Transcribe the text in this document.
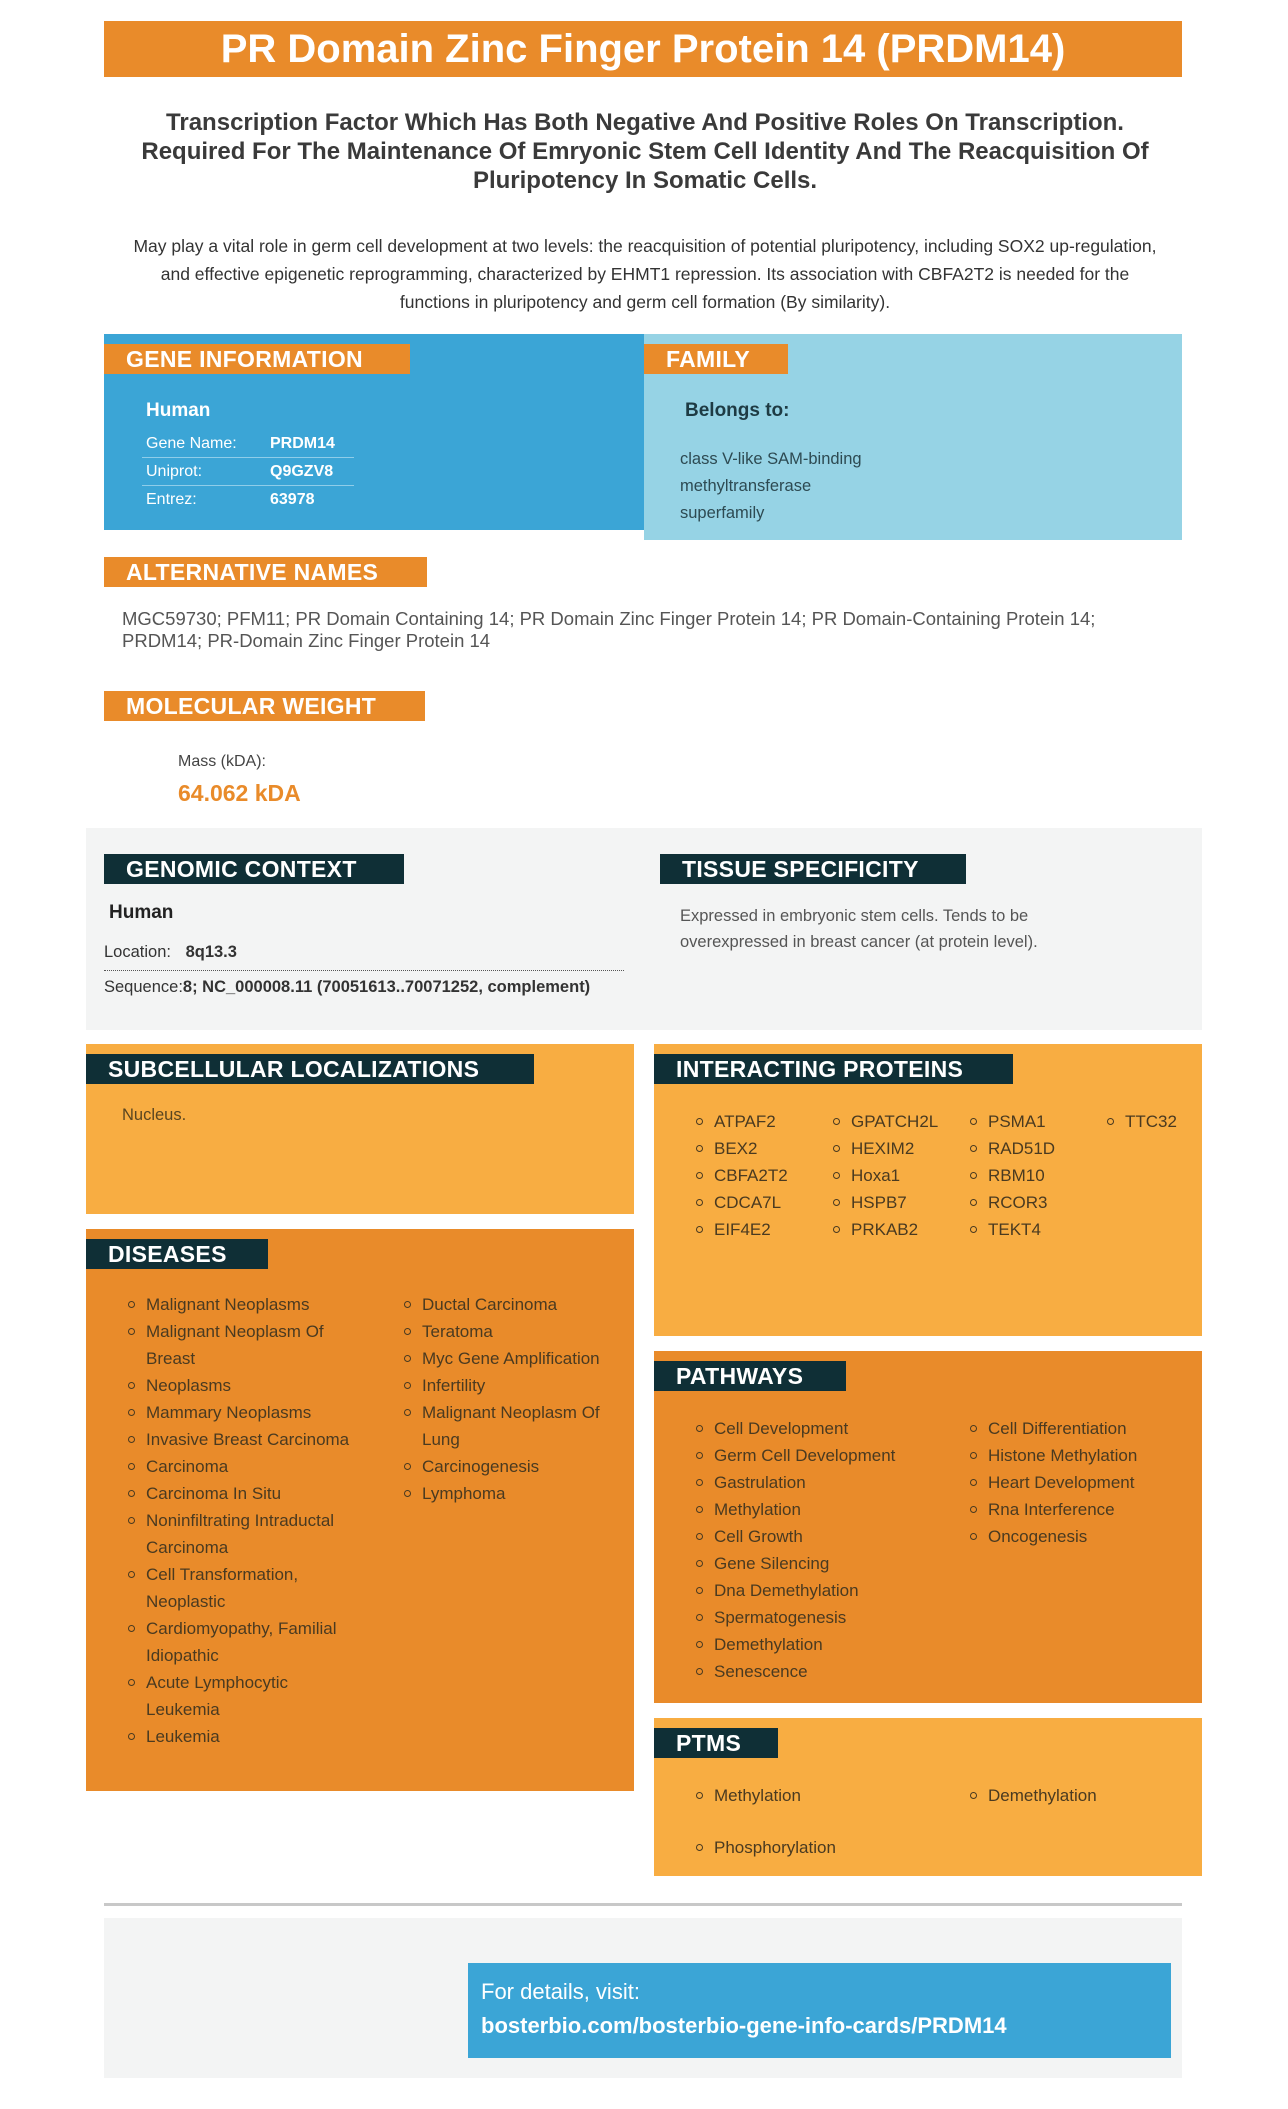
PR Domain Zinc Finger Protein 14 (PRDM14)
Transcription Factor Which Has Both Negative And Positive Roles On Transcription. Required For The Maintenance Of Emryonic Stem Cell Identity And The Reacquisition Of Pluripotency In Somatic Cells.
May play a vital role in germ cell development at two levels: the reacquisition of potential pluripotency, including SOX2 up-regulation, and effective epigenetic reprogramming, characterized by EHMT1 repression. Its association with CBFA2T2 is needed for the functions in pluripotency and germ cell formation (By similarity).
GENE INFORMATION
Human
Gene Name:	PRDM14
Uniprot:	Q9GZV8
Entrez:	63978
FAMILY
Belongs to:
class V-like SAM-binding
methyltransferase
superfamily
ALTERNATIVE NAMES
MGC59730; PFM11; PR Domain Containing 14; PR Domain Zinc Finger Protein 14; PR Domain-Containing Protein 14; PRDM14; PR-Domain Zinc Finger Protein 14
MOLECULAR WEIGHT
Mass (kDA):
64.062 kDA
GENOMIC CONTEXT
Human
Location: 8q13.3
Sequence:8; NC_000008.11 (70051613..70071252, complement)
TISSUE SPECIFICITY
Expressed in embryonic stem cells. Tends to be overexpressed in breast cancer (at protein level).
SUBCELLULAR LOCALIZATIONS
Nucleus.
DISEASES
Malignant Neoplasms
Malignant Neoplasm Of Breast
Neoplasms
Mammary Neoplasms
Invasive Breast Carcinoma
Carcinoma
Carcinoma In Situ
Noninfiltrating Intraductal Carcinoma
Cell Transformation, Neoplastic
Cardiomyopathy, Familial Idiopathic
Acute Lymphocytic Leukemia
Leukemia
Ductal Carcinoma
Teratoma
Myc Gene Amplification
Infertility
Malignant Neoplasm Of Lung
Carcinogenesis
Lymphoma
INTERACTING PROTEINS
ATPAF2
BEX2
CBFA2T2
CDCA7L
EIF4E2
GPATCH2L
HEXIM2
Hoxa1
HSPB7
PRKAB2
PSMA1
RAD51D
RBM10
RCOR3
TEKT4
TTC32
PATHWAYS
Cell Development
Germ Cell Development
Gastrulation
Methylation
Cell Growth
Gene Silencing
Dna Demethylation
Spermatogenesis
Demethylation
Senescence
Cell Differentiation
Histone Methylation
Heart Development
Rna Interference
Oncogenesis
PTMS
Methylation
Phosphorylation
Demethylation
For details, visit:
bosterbio.com/bosterbio-gene-info-cards/PRDM14
